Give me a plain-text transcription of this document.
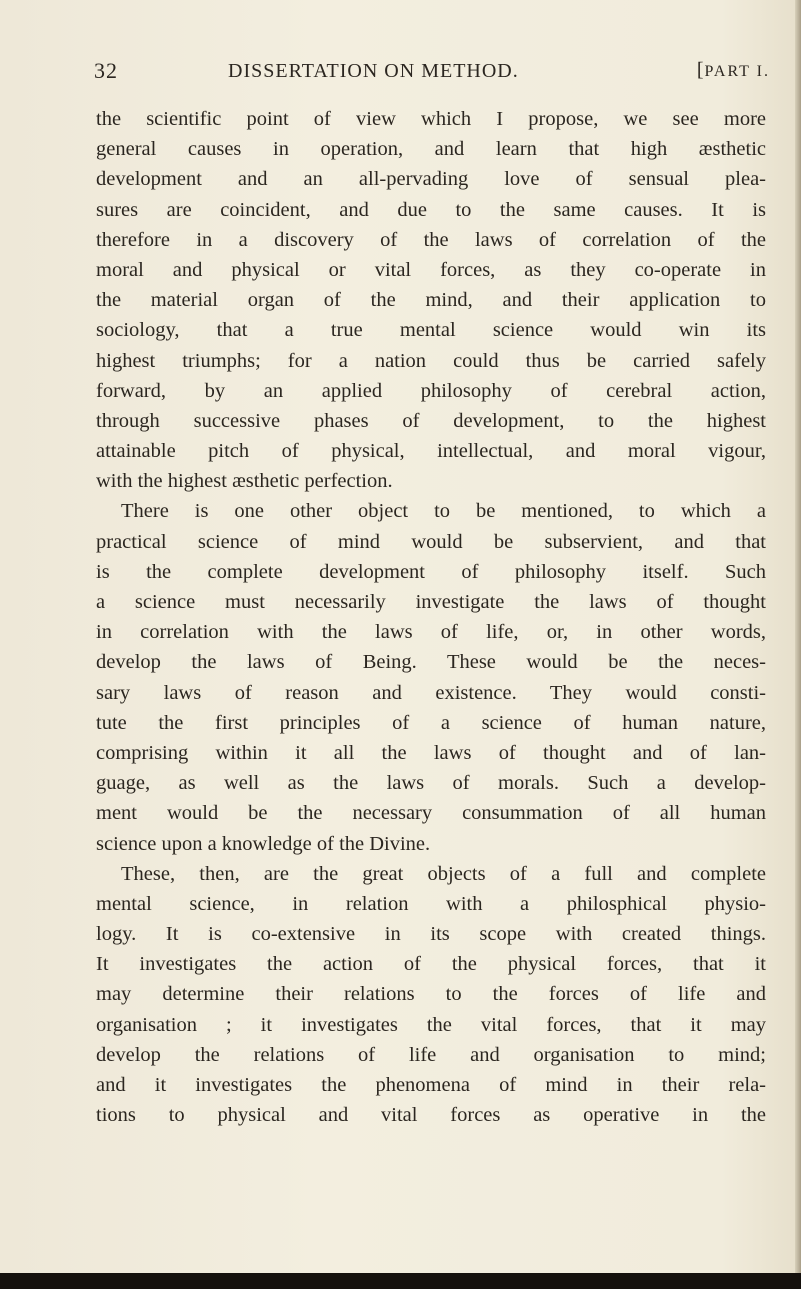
32	DISSERTATION ON METHOD.	[PART I.
the scientific point of view which I propose, we see more
general causes in operation, and learn that high æsthetic
development and an all-pervading love of sensual plea-
sures are coincident, and due to the same causes. It is
therefore in a discovery of the laws of correlation of the
moral and physical or vital forces, as they co-operate in
the material organ of the mind, and their application to
sociology, that a true mental science would win its
highest triumphs; for a nation could thus be carried safely
forward, by an applied philosophy of cerebral action,
through successive phases of development, to the highest
attainable pitch of physical, intellectual, and moral vigour,
with the highest æsthetic perfection.
There is one other object to be mentioned, to which a
practical science of mind would be subservient, and that
is the complete development of philosophy itself. Such
a science must necessarily investigate the laws of thought
in correlation with the laws of life, or, in other words,
develop the laws of Being. These would be the neces-
sary laws of reason and existence. They would consti-
tute the first principles of a science of human nature,
comprising within it all the laws of thought and of lan-
guage, as well as the laws of morals. Such a develop-
ment would be the necessary consummation of all human
science upon a knowledge of the Divine.
These, then, are the great objects of a full and complete
mental science, in relation with a philosphical physio-
logy. It is co-extensive in its scope with created things.
It investigates the action of the physical forces, that it
may determine their relations to the forces of life and
organisation ; it investigates the vital forces, that it may
develop the relations of life and organisation to mind;
and it investigates the phenomena of mind in their rela-
tions to physical and vital forces as operative in the
